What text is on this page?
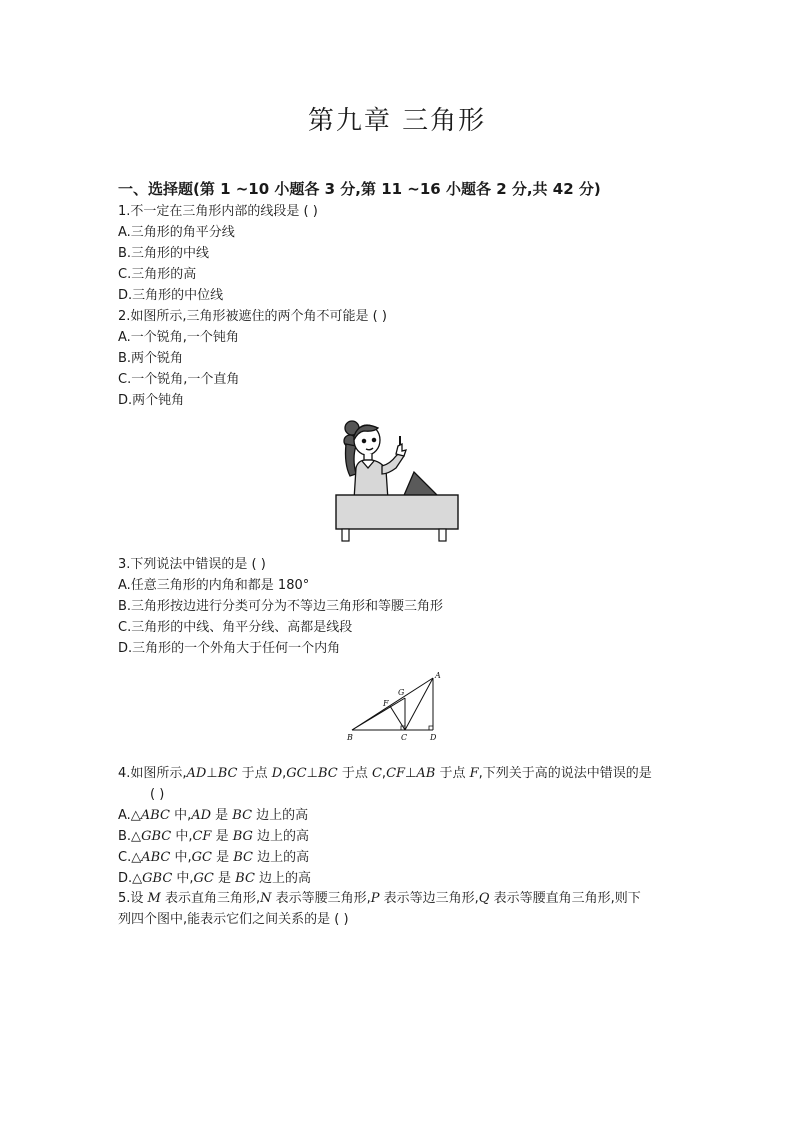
第九章 三角形
一、选择题(第 1 ~10 小题各 3 分,第 11 ~16 小题各 2 分,共 42 分)
1.不一定在三角形内部的线段是 ( )
A.三角形的角平分线
B.三角形的中线
C.三角形的高
D.三角形的中位线
2.如图所示,三角形被遮住的两个角不可能是 ( )
A.一个锐角,一个钝角
B.两个锐角
C.一个锐角,一个直角
D.两个钝角
3.下列说法中错误的是 ( )
A.任意三角形的内角和都是 180°
B.三角形按边进行分类可分为不等边三角形和等腰三角形
C.三角形的中线、角平分线、高都是线段
D.三角形的一个外角大于任何一个内角
A
B	C	D
F
G
4.如图所示,AD⊥BC 于点 D,GC⊥BC 于点 C,CF⊥AB 于点 F,下列关于高的说法中错误的是
( )
A.△ABC 中,AD 是 BC 边上的高
B.△GBC 中,CF 是 BG 边上的高
C.△ABC 中,GC 是 BC 边上的高
D.△GBC 中,GC 是 BC 边上的高
5.设 M 表示直角三角形,N 表示等腰三角形,P 表示等边三角形,Q 表示等腰直角三角形,则下
列四个图中,能表示它们之间关系的是 ( )
